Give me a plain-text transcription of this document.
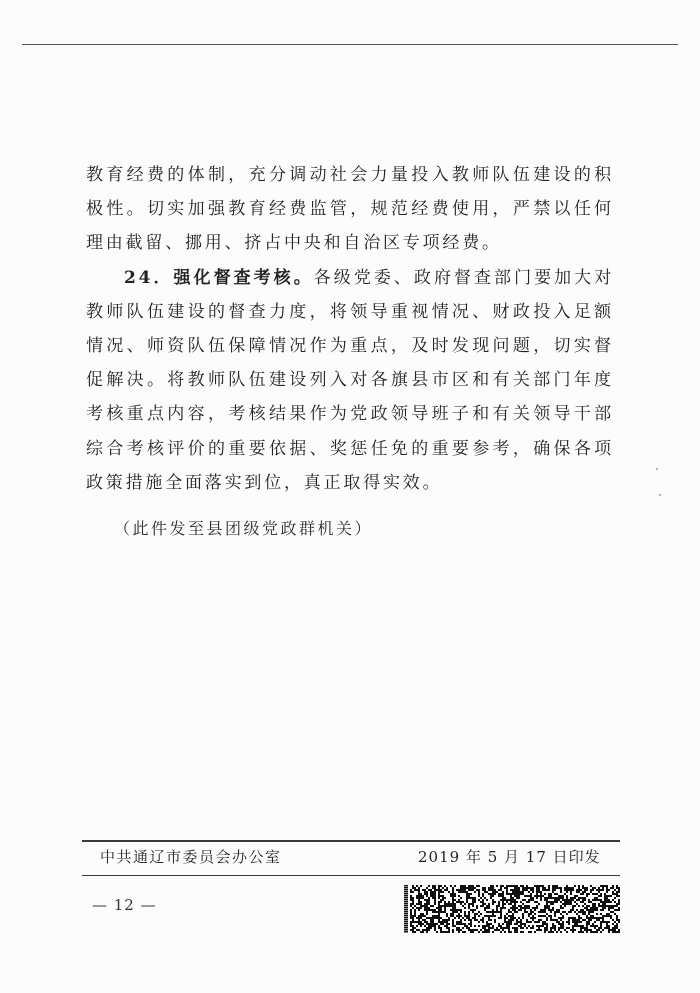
教育经费的体制，充分调动社会力量投入教师队伍建设的积极性。切实加强教育经费监管，规范经费使用，严禁以任何理由截留、挪用、挤占中央和自治区专项经费。

24．强化督查考核。各级党委、政府督查部门要加大对教师队伍建设的督查力度，将领导重视情况、财政投入足额情况、师资队伍保障情况作为重点，及时发现问题，切实督促解决。将教师队伍建设列入对各旗县市区和有关部门年度考核重点内容，考核结果作为党政领导班子和有关领导干部综合考核评价的重要依据、奖惩任免的重要参考，确保各项政策措施全面落实到位，真正取得实效。

（此件发至县团级党政群机关）
中共通辽市委员会办公室	2019 年 5 月 17 日印发
— 12 —
